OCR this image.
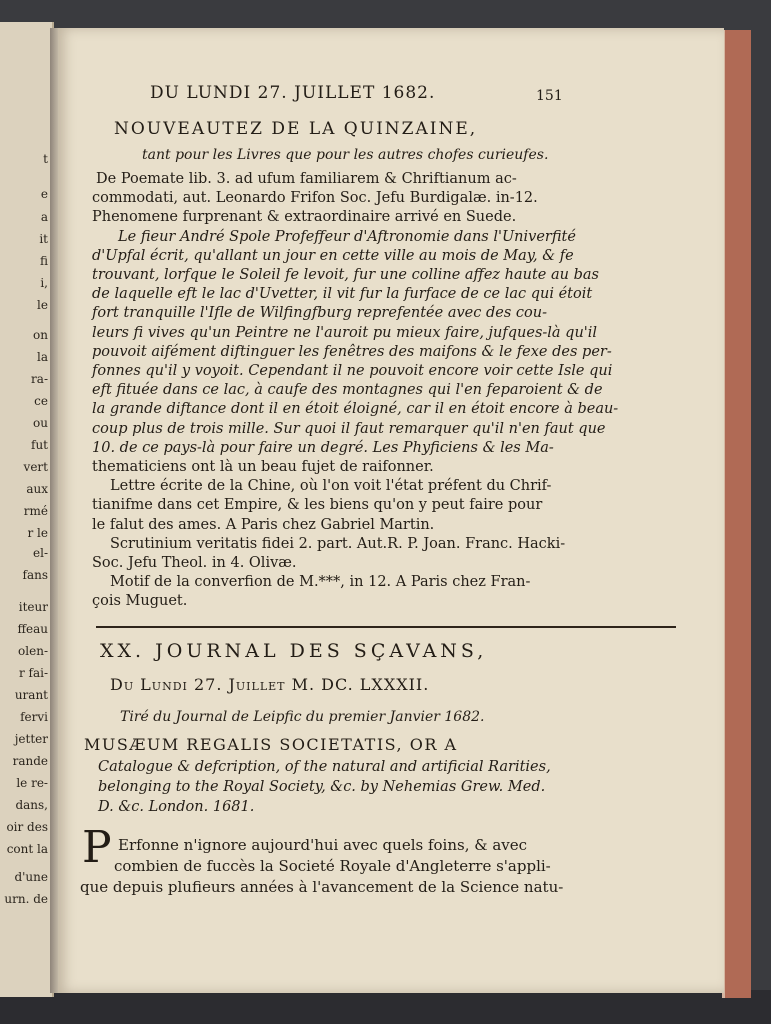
t
e
a
it
fi
i,
le
on
la
ra-
ce
ou
fut
vert
aux
rmé
r le
el-
fans
iteur
ffeau
olen-
r fai-
urant
fervi
jetter
rande
le re-
dans,
oir des
cont la
d'une
urn. de
DU LUNDI 27. JUILLET 1682.	151
NOUVEAUTEZ DE LA QUINZAINE,
tant pour les Livres que pour les autres chofes curieufes.
De Poemate lib. 3. ad ufum familiarem & Chriftianum ac-
commodati, aut. Leonardo Frifon Soc. Jefu Burdigalæ. in-12.
Phenomene furprenant & extraordinaire arrivé en Suede.
Le fieur André Spole Profeffeur d'Aftronomie dans l'Univerfité
d'Upfal écrit, qu'allant un jour en cette ville au mois de May, & fe
trouvant, lorfque le Soleil fe levoit, fur une colline affez haute au bas
de laquelle eft le lac d'Uvetter, il vit fur la furface de ce lac qui étoit
fort tranquille l'Ifle de Wilfingfburg reprefentée avec des cou-
leurs fi vives qu'un Peintre ne l'auroit pu mieux faire, jufques-là qu'il
pouvoit aifément diftinguer les fenêtres des maifons & le fexe des per-
fonnes qu'il y voyoit. Cependant il ne pouvoit encore voir cette Isle qui
eft fituée dans ce lac, à caufe des montagnes qui l'en feparoient & de
la grande diftance dont il en étoit éloigné, car il en étoit encore à beau-
coup plus de trois mille. Sur quoi il faut remarquer qu'il n'en faut que
10. de ce pays-là pour faire un degré. Les Phyficiens & les Ma-
thematiciens ont là un beau fujet de raifonner.
Lettre écrite de la Chine, où l'on voit l'état préfent du Chrif-
tianifme dans cet Empire, & les biens qu'on y peut faire pour
le falut des ames. A Paris chez Gabriel Martin.
Scrutinium veritatis fidei 2. part. Aut.R. P. Joan. Franc. Hacki-
Soc. Jefu Theol. in 4. Olivæ.
Motif de la converfion de M.***, in 12. A Paris chez Fran-
çois Muguet.
XX. JOURNAL DES SÇAVANS,
Du Lundi 27. Juillet M. DC. LXXXII.
Tiré du Journal de Leipfic du premier Janvier 1682.
MUSÆUM REGALIS SOCIETATIS, OR A
Catalogue & defcription, of the natural and artificial Rarities,
belonging to the Royal Society, &c. by Nehemias Grew. Med.
D. &c. London. 1681.
P Erfonne n'ignore aujourd'hui avec quels foins, & avec
combien de fuccès la Societé Royale d'Angleterre s'appli-
que depuis plufieurs années à l'avancement de la Science natu-
